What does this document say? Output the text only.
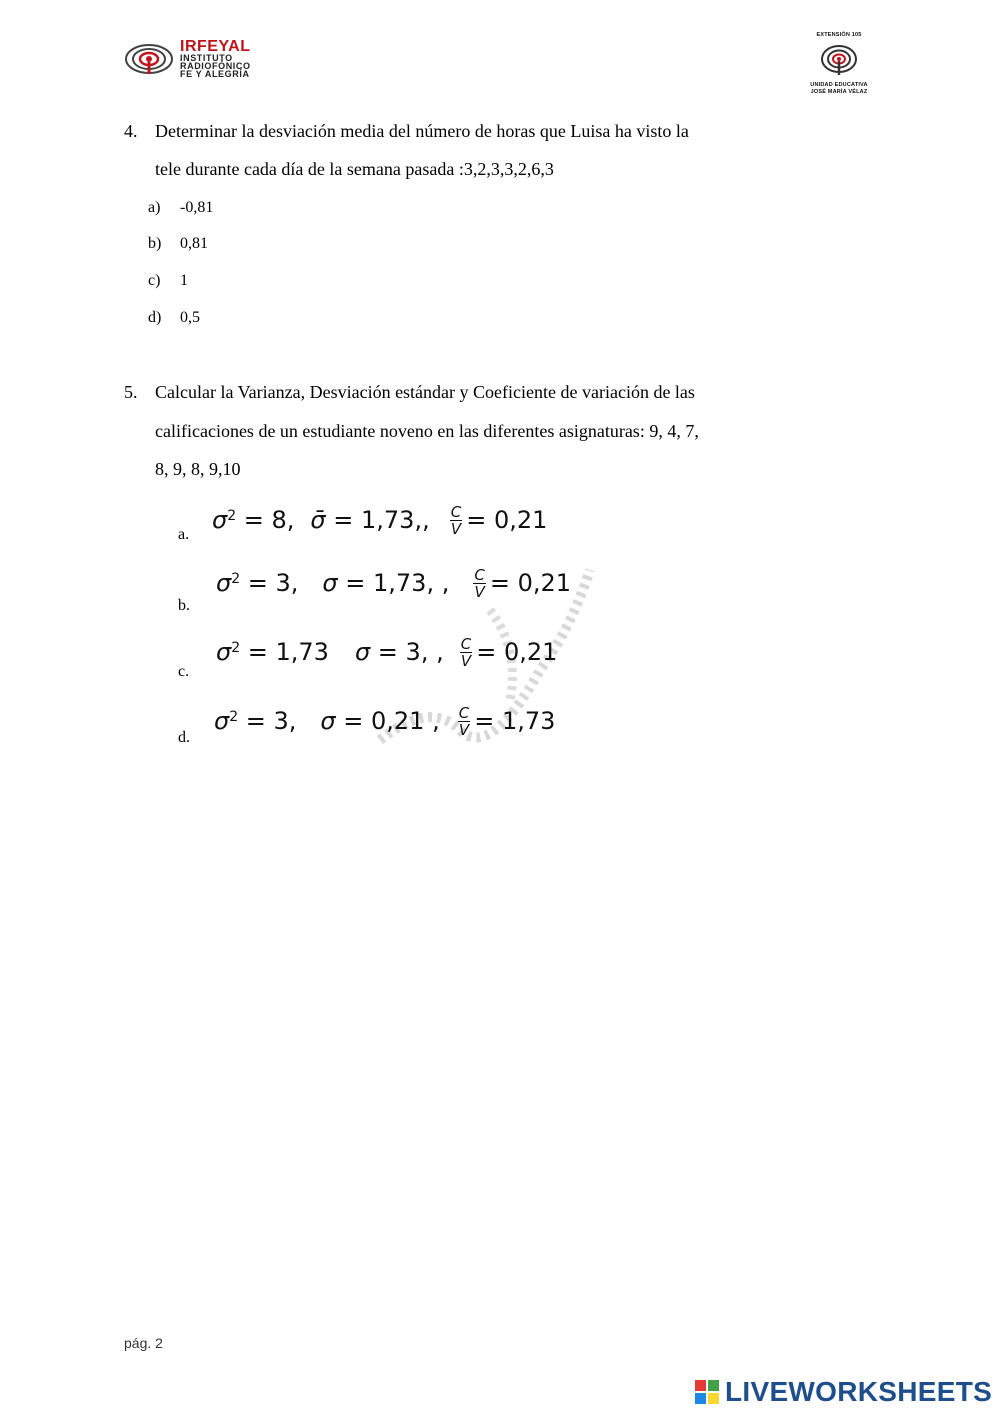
IRFEYAL
INSTITUTO
RADIOFÓNICO
FE Y ALEGRÍA
EXTENSIÓN 105
UNIDAD EDUCATIVA
JOSÉ MARÍA VÉLAZ
4. Determinar la desviación media del número de horas que Luisa ha visto la
tele durante cada día de la semana pasada :3,2,3,3,2,6,3
a) -0,81
b) 0,81
c) 1
d) 0,5
5. Calcular la Varianza, Desviación estándar y Coeficiente de variación de las
calificaciones de un estudiante noveno en las diferentes asignaturas: 9, 4, 7,
8, 9, 8, 9,10
a.
$\sigma^2 = 8$, σ̄ = 1,73,, $\frac{C}{V} = 0,21$
b.
$\sigma^2 = 3$, σ = 1,73, , $\frac{C}{V} = 0,21$
c.
$\sigma^2 = 1,73$ σ = 3, , $\frac{C}{V} = 0,21$
d.
$\sigma^2 = 3$, σ = 0,21 , $\frac{C}{V} = 1,73$
pág. 2
LIVEWORKSHEETS
